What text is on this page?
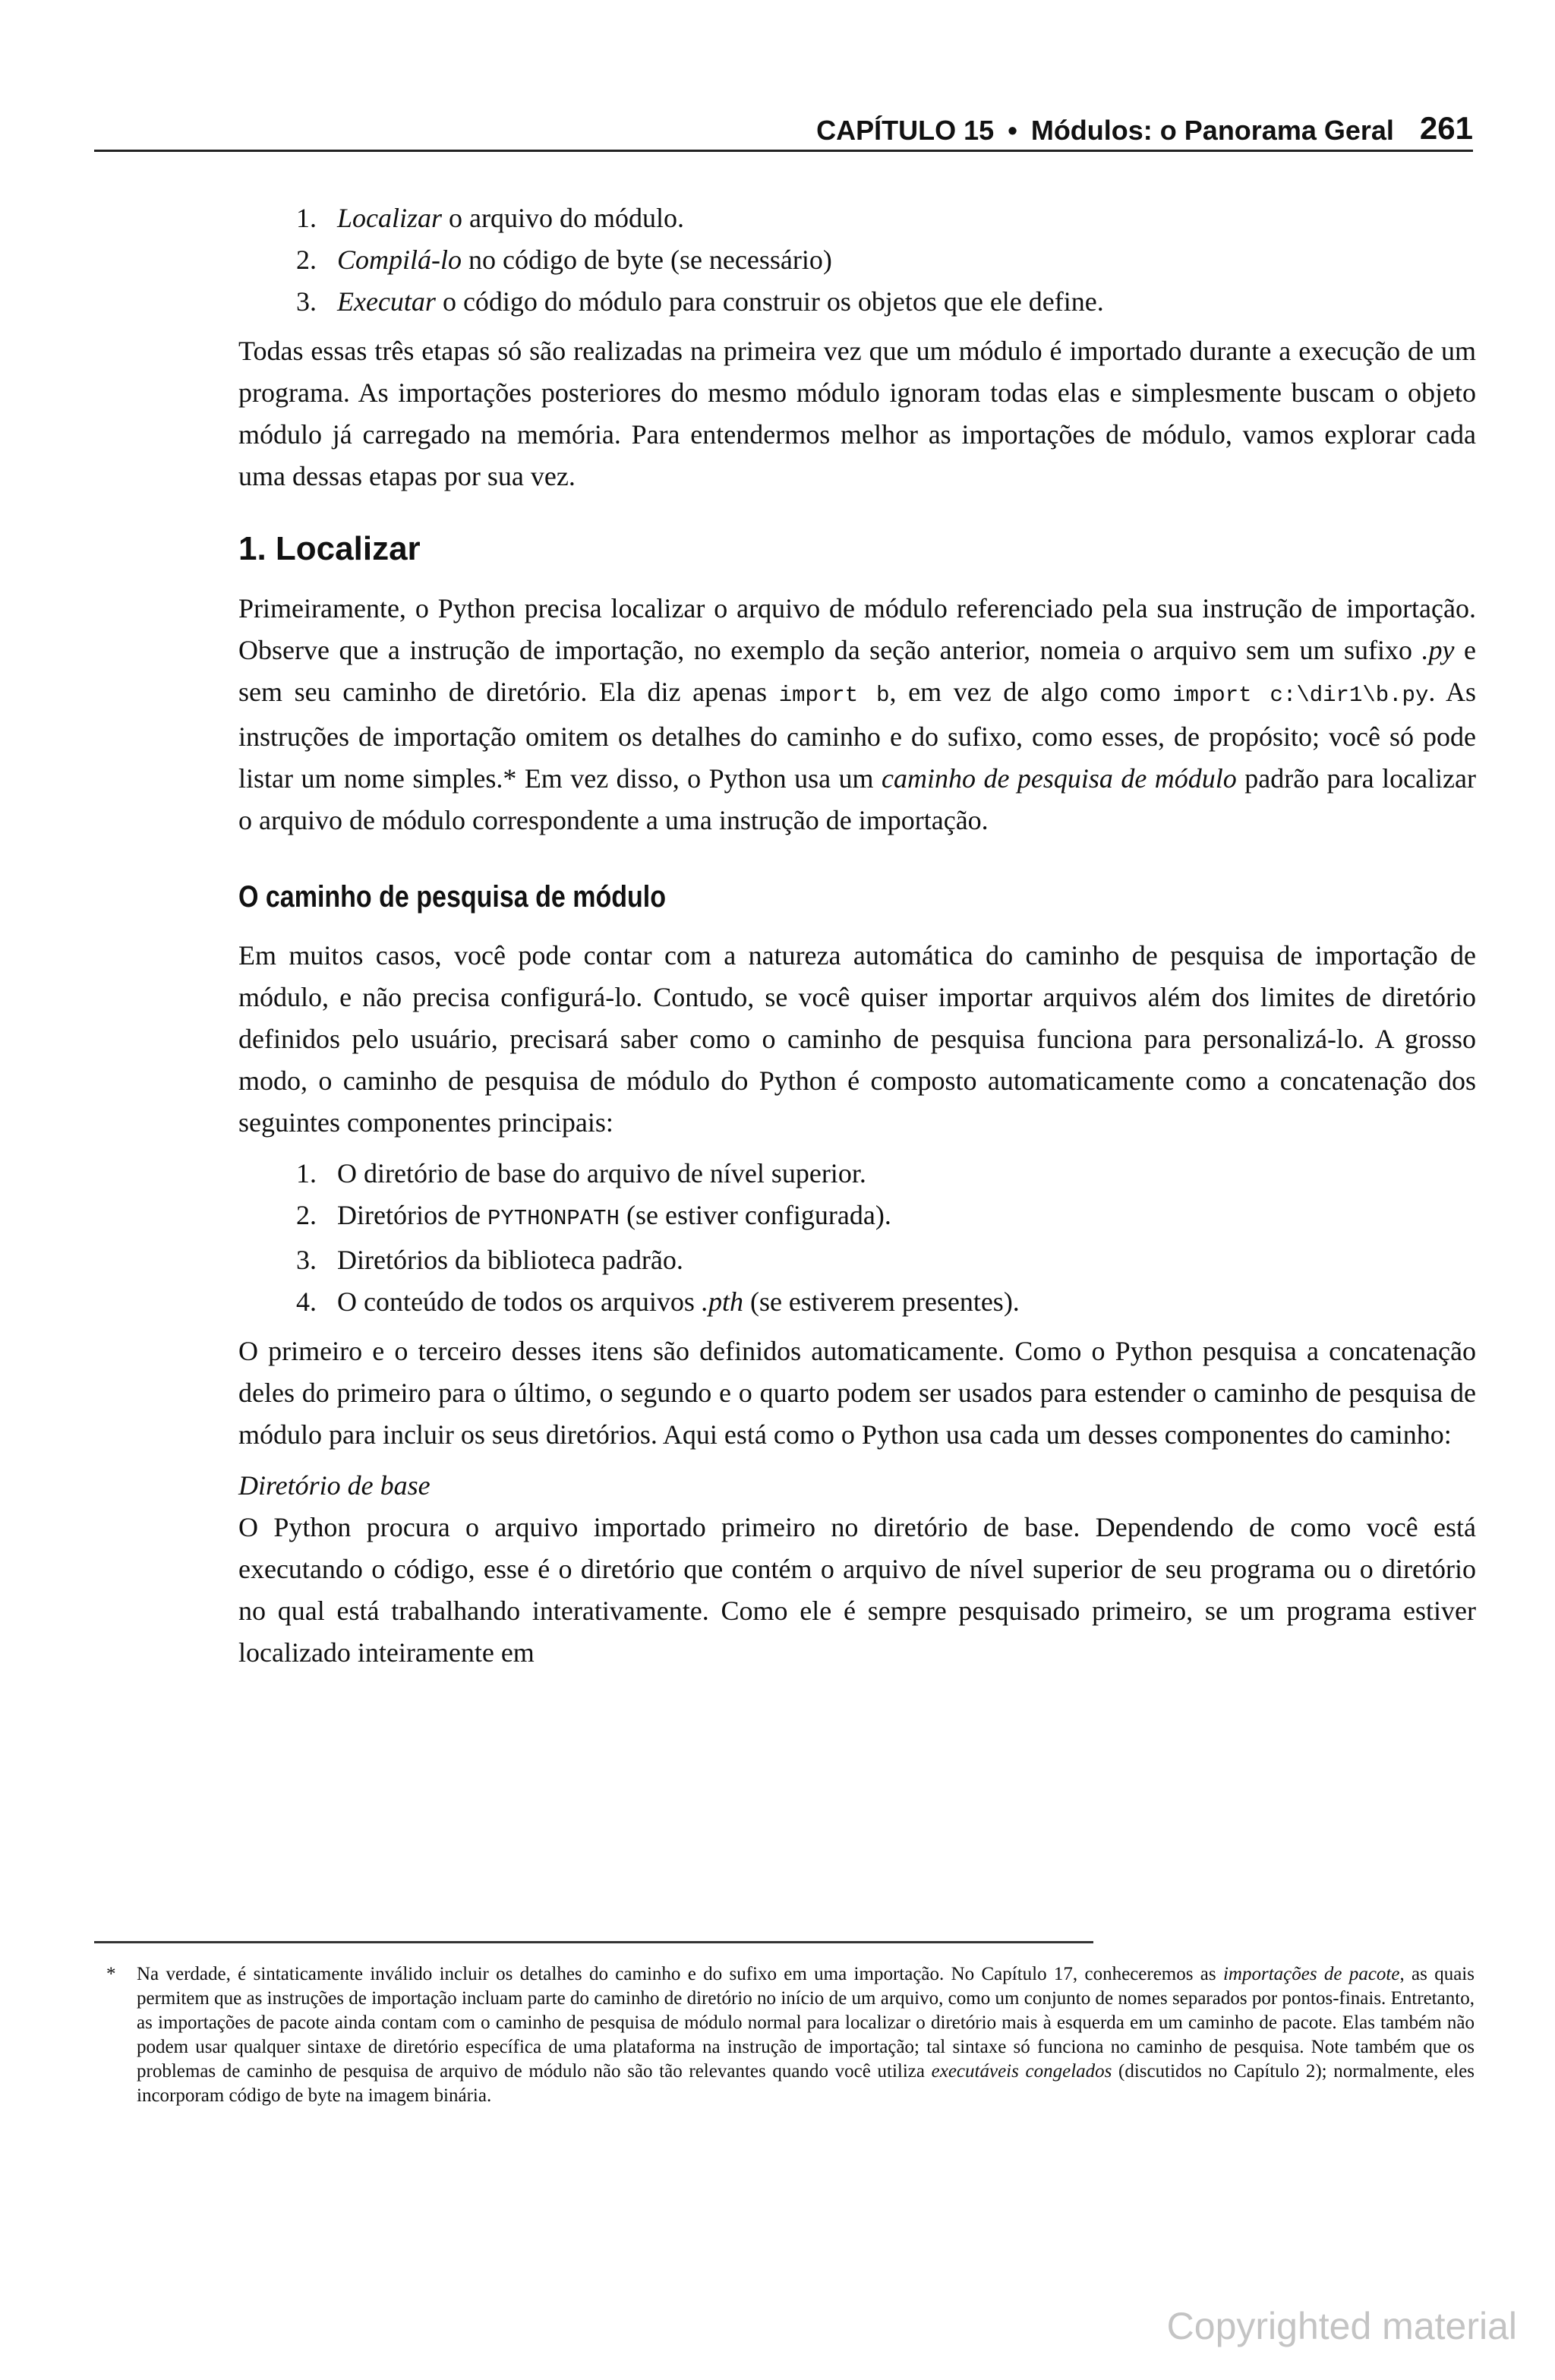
CAPÍTULO 15 • Módulos: o Panorama Geral 261
1. Localizar o arquivo do módulo.
2. Compilá-lo no código de byte (se necessário)
3. Executar o código do módulo para construir os objetos que ele define.

Todas essas três etapas só são realizadas na primeira vez que um módulo é importado durante a execução de um programa. As importações posteriores do mesmo módulo ignoram todas elas e simplesmente buscam o objeto módulo já carregado na memória. Para entendermos melhor as importações de módulo, vamos explorar cada uma dessas etapas por sua vez.

1. Localizar

Primeiramente, o Python precisa localizar o arquivo de módulo referenciado pela sua instrução de importação. Observe que a instrução de importação, no exemplo da seção anterior, nomeia o arquivo sem um sufixo .py e sem seu caminho de diretório. Ela diz apenas import b, em vez de algo como import c:\dir1\b.py. As instruções de importação omitem os detalhes do caminho e do sufixo, como esses, de propósito; você só pode listar um nome simples.* Em vez disso, o Python usa um caminho de pesquisa de módulo padrão para localizar o arquivo de módulo correspondente a uma instrução de importação.

O caminho de pesquisa de módulo

Em muitos casos, você pode contar com a natureza automática do caminho de pesquisa de importação de módulo, e não precisa configurá-lo. Contudo, se você quiser importar arquivos além dos limites de diretório definidos pelo usuário, precisará saber como o caminho de pesquisa funciona para personalizá-lo. A grosso modo, o caminho de pesquisa de módulo do Python é composto automaticamente como a concatenação dos seguintes componentes principais:

1. O diretório de base do arquivo de nível superior.
2. Diretórios de PYTHONPATH (se estiver configurada).
3. Diretórios da biblioteca padrão.
4. O conteúdo de todos os arquivos .pth (se estiverem presentes).

O primeiro e o terceiro desses itens são definidos automaticamente. Como o Python pesquisa a concatenação deles do primeiro para o último, o segundo e o quarto podem ser usados para estender o caminho de pesquisa de módulo para incluir os seus diretórios. Aqui está como o Python usa cada um desses componentes do caminho:

Diretório de base

O Python procura o arquivo importado primeiro no diretório de base. Dependendo de como você está executando o código, esse é o diretório que contém o arquivo de nível superior de seu programa ou o diretório no qual está trabalhando interativamente. Como ele é sempre pesquisado primeiro, se um programa estiver localizado inteiramente em

* Na verdade, é sintaticamente inválido incluir os detalhes do caminho e do sufixo em uma importação. No Capítulo 17, conheceremos as importações de pacote, as quais permitem que as instruções de importação incluam parte do caminho de diretório no início de um arquivo, como um conjunto de nomes separados por pontos-finais. Entretanto, as importações de pacote ainda contam com o caminho de pesquisa de módulo normal para localizar o diretório mais à esquerda em um caminho de pacote. Elas também não podem usar qualquer sintaxe de diretório específica de uma plataforma na instrução de importação; tal sintaxe só funciona no caminho de pesquisa. Note também que os problemas de caminho de pesquisa de arquivo de módulo não são tão relevantes quando você utiliza executáveis congelados (discutidos no Capítulo 2); normalmente, eles incorporam código de byte na imagem binária.
Copyrighted material
